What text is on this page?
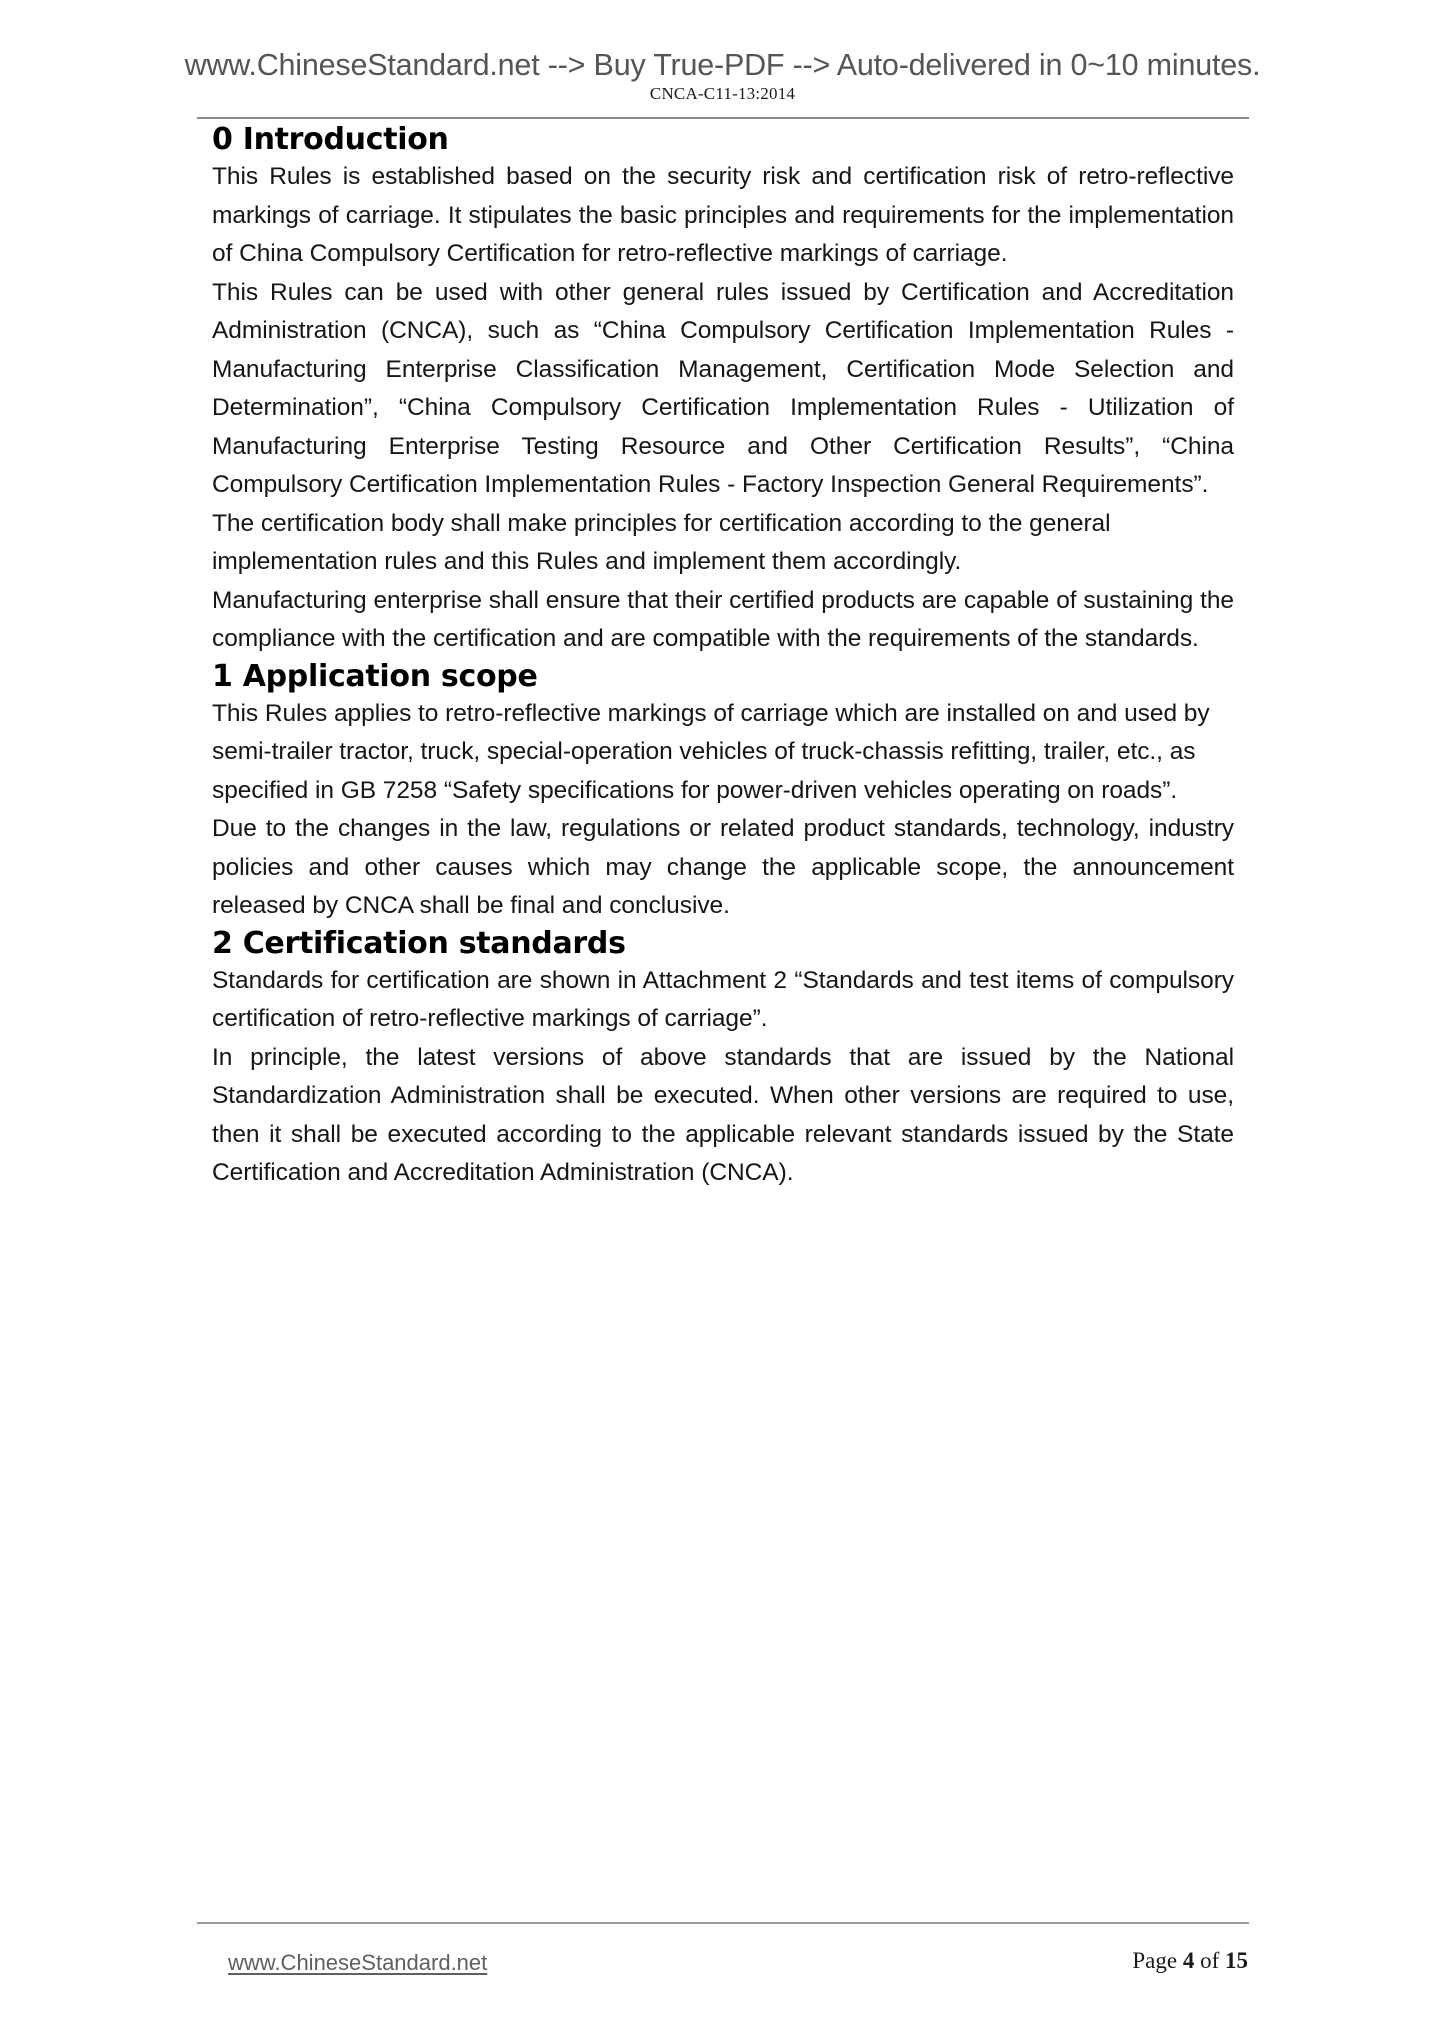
www.ChineseStandard.net --> Buy True-PDF --> Auto-delivered in 0~10 minutes.
CNCA-C11-13:2014
0 Introduction

This Rules is established based on the security risk and certification risk of retro-reflective markings of carriage. It stipulates the basic principles and requirements for the implementation of China Compulsory Certification for retro-reflective markings of carriage.

This Rules can be used with other general rules issued by Certification and Accreditation Administration (CNCA), such as “China Compulsory Certification Implementation Rules - Manufacturing Enterprise Classification Management, Certification Mode Selection and Determination”, “China Compulsory Certification Implementation Rules - Utilization of Manufacturing Enterprise Testing Resource and Other Certification Results”, “China Compulsory Certification Implementation Rules - Factory Inspection General Requirements”.

The certification body shall make principles for certification according to the general implementation rules and this Rules and implement them accordingly.

Manufacturing enterprise shall ensure that their certified products are capable of sustaining the compliance with the certification and are compatible with the requirements of the standards.

1 Application scope

This Rules applies to retro-reflective markings of carriage which are installed on and used by semi-trailer tractor, truck, special-operation vehicles of truck-chassis refitting, trailer, etc., as specified in GB 7258 “Safety specifications for power-driven vehicles operating on roads”.

Due to the changes in the law, regulations or related product standards, technology, industry policies and other causes which may change the applicable scope, the announcement released by CNCA shall be final and conclusive.

2 Certification standards

Standards for certification are shown in Attachment 2 “Standards and test items of compulsory certification of retro-reflective markings of carriage”.

In principle, the latest versions of above standards that are issued by the National Standardization Administration shall be executed. When other versions are required to use, then it shall be executed according to the applicable relevant standards issued by the State Certification and Accreditation Administration (CNCA).

www.ChineseStandard.net	Page 4 of 15
